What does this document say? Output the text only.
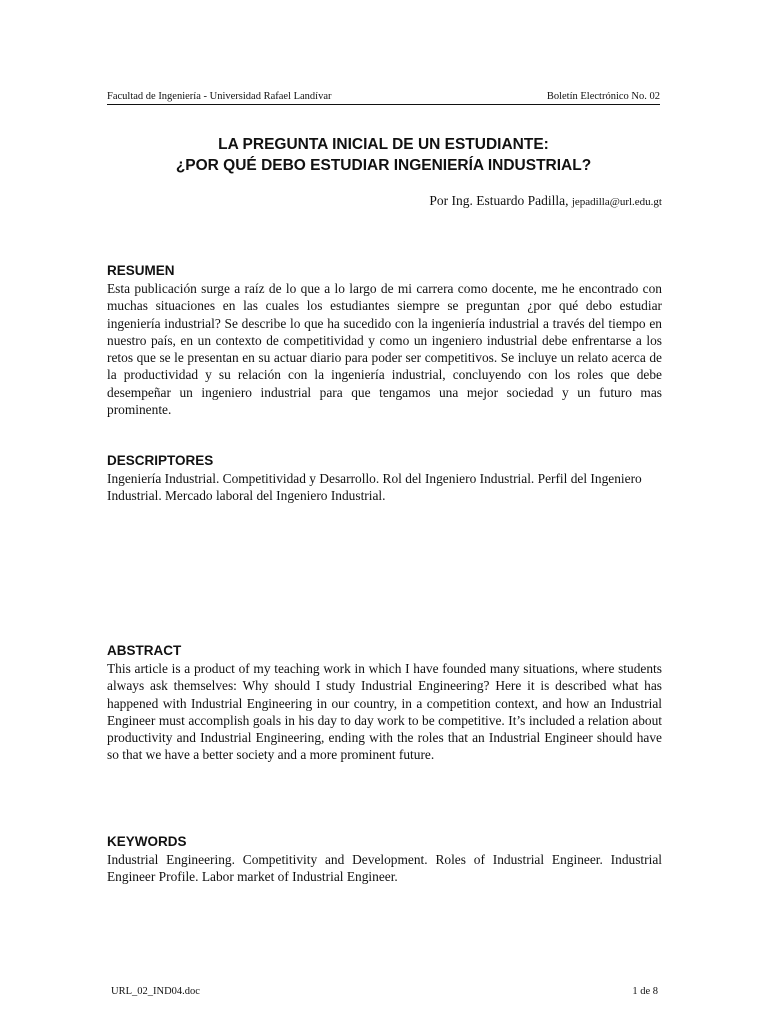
Facultad de Ingeniería - Universidad Rafael Landívar	Boletín Electrónico No. 02
LA PREGUNTA INICIAL DE UN ESTUDIANTE:
¿POR QUÉ DEBO ESTUDIAR INGENIERÍA INDUSTRIAL?
Por Ing. Estuardo Padilla, jepadilla@url.edu.gt
RESUMEN

Esta publicación surge a raíz de lo que a lo largo de mi carrera como docente, me he encontrado con muchas situaciones en las cuales los estudiantes siempre se preguntan ¿por qué debo estudiar ingeniería industrial? Se describe lo que ha sucedido con la ingeniería industrial a través del tiempo en nuestro país, en un contexto de competitividad y como un ingeniero industrial debe enfrentarse a los retos que se le presentan en su actuar diario para poder ser competitivos. Se incluye un relato acerca de la productividad y su relación con la ingeniería industrial, concluyendo con los roles que debe desempeñar un ingeniero industrial para que tengamos una mejor sociedad y un futuro mas prominente.

DESCRIPTORES

Ingeniería Industrial. Competitividad y Desarrollo. Rol del Ingeniero Industrial. Perfil del Ingeniero Industrial. Mercado laboral del Ingeniero Industrial.

ABSTRACT

This article is a product of my teaching work in which I have founded many situations, where students always ask themselves: Why should I study Industrial Engineering? Here it is described what has happened with Industrial Engineering in our country, in a competition context, and how an Industrial Engineer must accomplish goals in his day to day work to be competitive. It’s included a relation about productivity and Industrial Engineering, ending with the roles that an Industrial Engineer should have so that we have a better society and a more prominent future.

KEYWORDS

Industrial Engineering. Competitivity and Development. Roles of Industrial Engineer. Industrial Engineer Profile. Labor market of Industrial Engineer.

URL_02_IND04.doc	1 de 8
